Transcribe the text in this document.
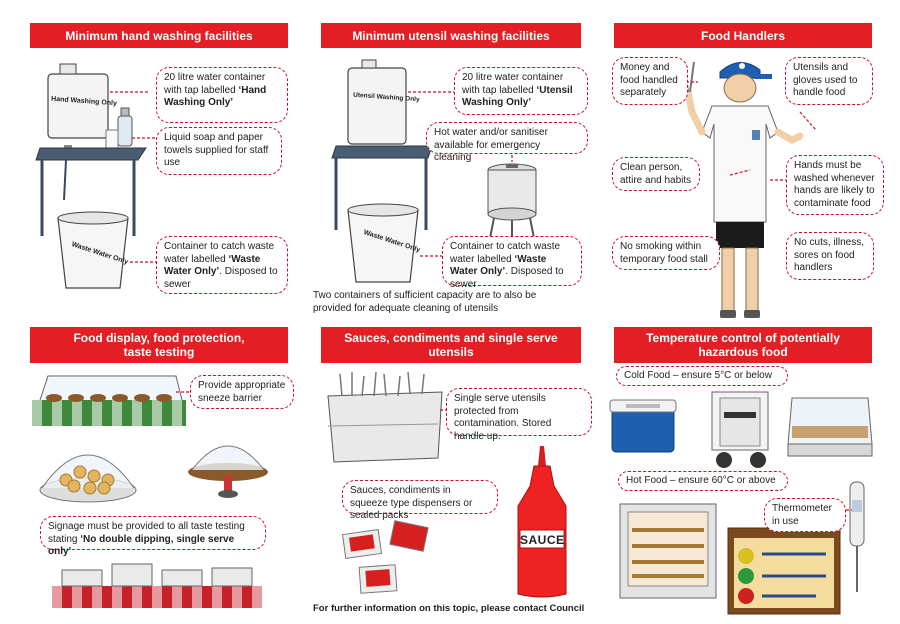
Minimum hand washing facilities	Minimum utensil washing facilities	Food Handlers
Food display, food protection,
taste testing
Sauces, condiments and single serve
utensils
Temperature control of potentially
hazardous food
Hand Washing Only
Waste Water Only
20 litre water container with tap labelled ‘Hand Washing Only’
Liquid soap and paper towels supplied for staff use
Container to catch waste water labelled ‘Waste Water Only’. Disposed to sewer
Utensil Washing Only
Waste Water Only
20 litre water container with tap labelled ‘Utensil Washing Only’
Hot water and/or sanitiser available for emergency cleaning
Container to catch waste water labelled ‘Waste Water Only’. Disposed to sewer
Two containers of sufficient capacity are to also be provided for adequate cleaning of utensils
Money and food handled separately
Utensils and gloves used to handle food
Clean person, attire and habits
Hands must be washed whenever hands are likely to contaminate food
No smoking within temporary food stall
No cuts, illness, sores on food handlers
Provide appropriate sneeze barrier
Signage must be provided to all taste testing stating ‘No double dipping, single serve only’
SAUCE
Single serve utensils protected from contamination. Stored handle up.
Sauces, condiments in squeeze type dispensers or sealed packs
For further information on this topic, please contact Council
Cold Food – ensure 5°C or below
Hot Food – ensure 60°C or above
Thermometer in use
